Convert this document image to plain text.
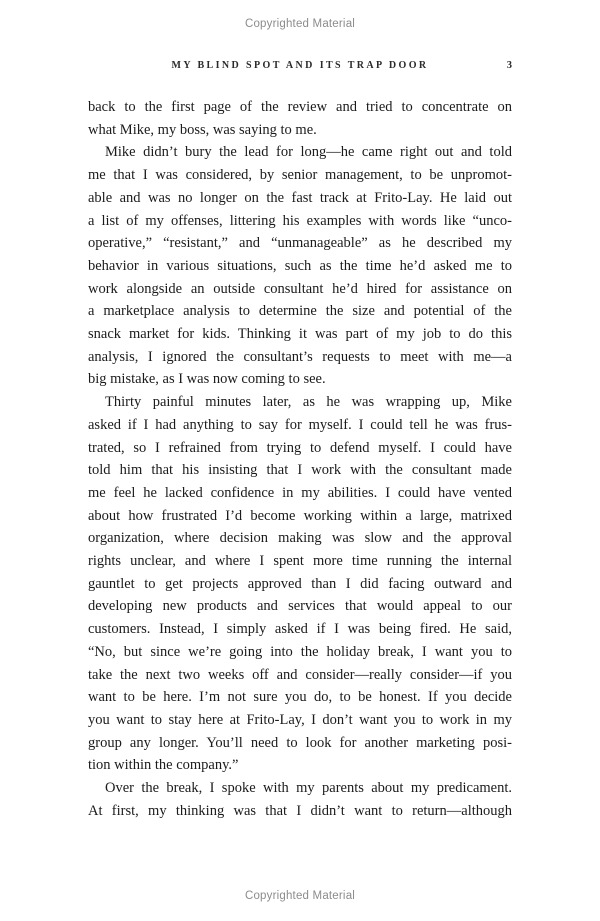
Copyrighted Material
MY BLIND SPOT AND ITS TRAP DOOR	3
back to the first page of the review and tried to concentrate on
what Mike, my boss, was saying to me.
Mike didn’t bury the lead for long—he came right out and told
me that I was considered, by senior management, to be unpromot-
able and was no longer on the fast track at Frito-Lay. He laid out
a list of my offenses, littering his examples with words like “unco-
operative,” “resistant,” and “unmanageable” as he described my
behavior in various situations, such as the time he’d asked me to
work alongside an outside consultant he’d hired for assistance on
a marketplace analysis to determine the size and potential of the
snack market for kids. Thinking it was part of my job to do this
analysis, I ignored the consultant’s requests to meet with me—a
big mistake, as I was now coming to see.
Thirty painful minutes later, as he was wrapping up, Mike
asked if I had anything to say for myself. I could tell he was frus-
trated, so I refrained from trying to defend myself. I could have
told him that his insisting that I work with the consultant made
me feel he lacked confidence in my abilities. I could have vented
about how frustrated I’d become working within a large, matrixed
organization, where decision making was slow and the approval
rights unclear, and where I spent more time running the internal
gauntlet to get projects approved than I did facing outward and
developing new products and services that would appeal to our
customers. Instead, I simply asked if I was being fired. He said,
“No, but since we’re going into the holiday break, I want you to
take the next two weeks off and consider—really consider—if you
want to be here. I’m not sure you do, to be honest. If you decide
you want to stay here at Frito-Lay, I don’t want you to work in my
group any longer. You’ll need to look for another marketing posi-
tion within the company.”
Over the break, I spoke with my parents about my predicament.
At first, my thinking was that I didn’t want to return—although
Copyrighted Material
